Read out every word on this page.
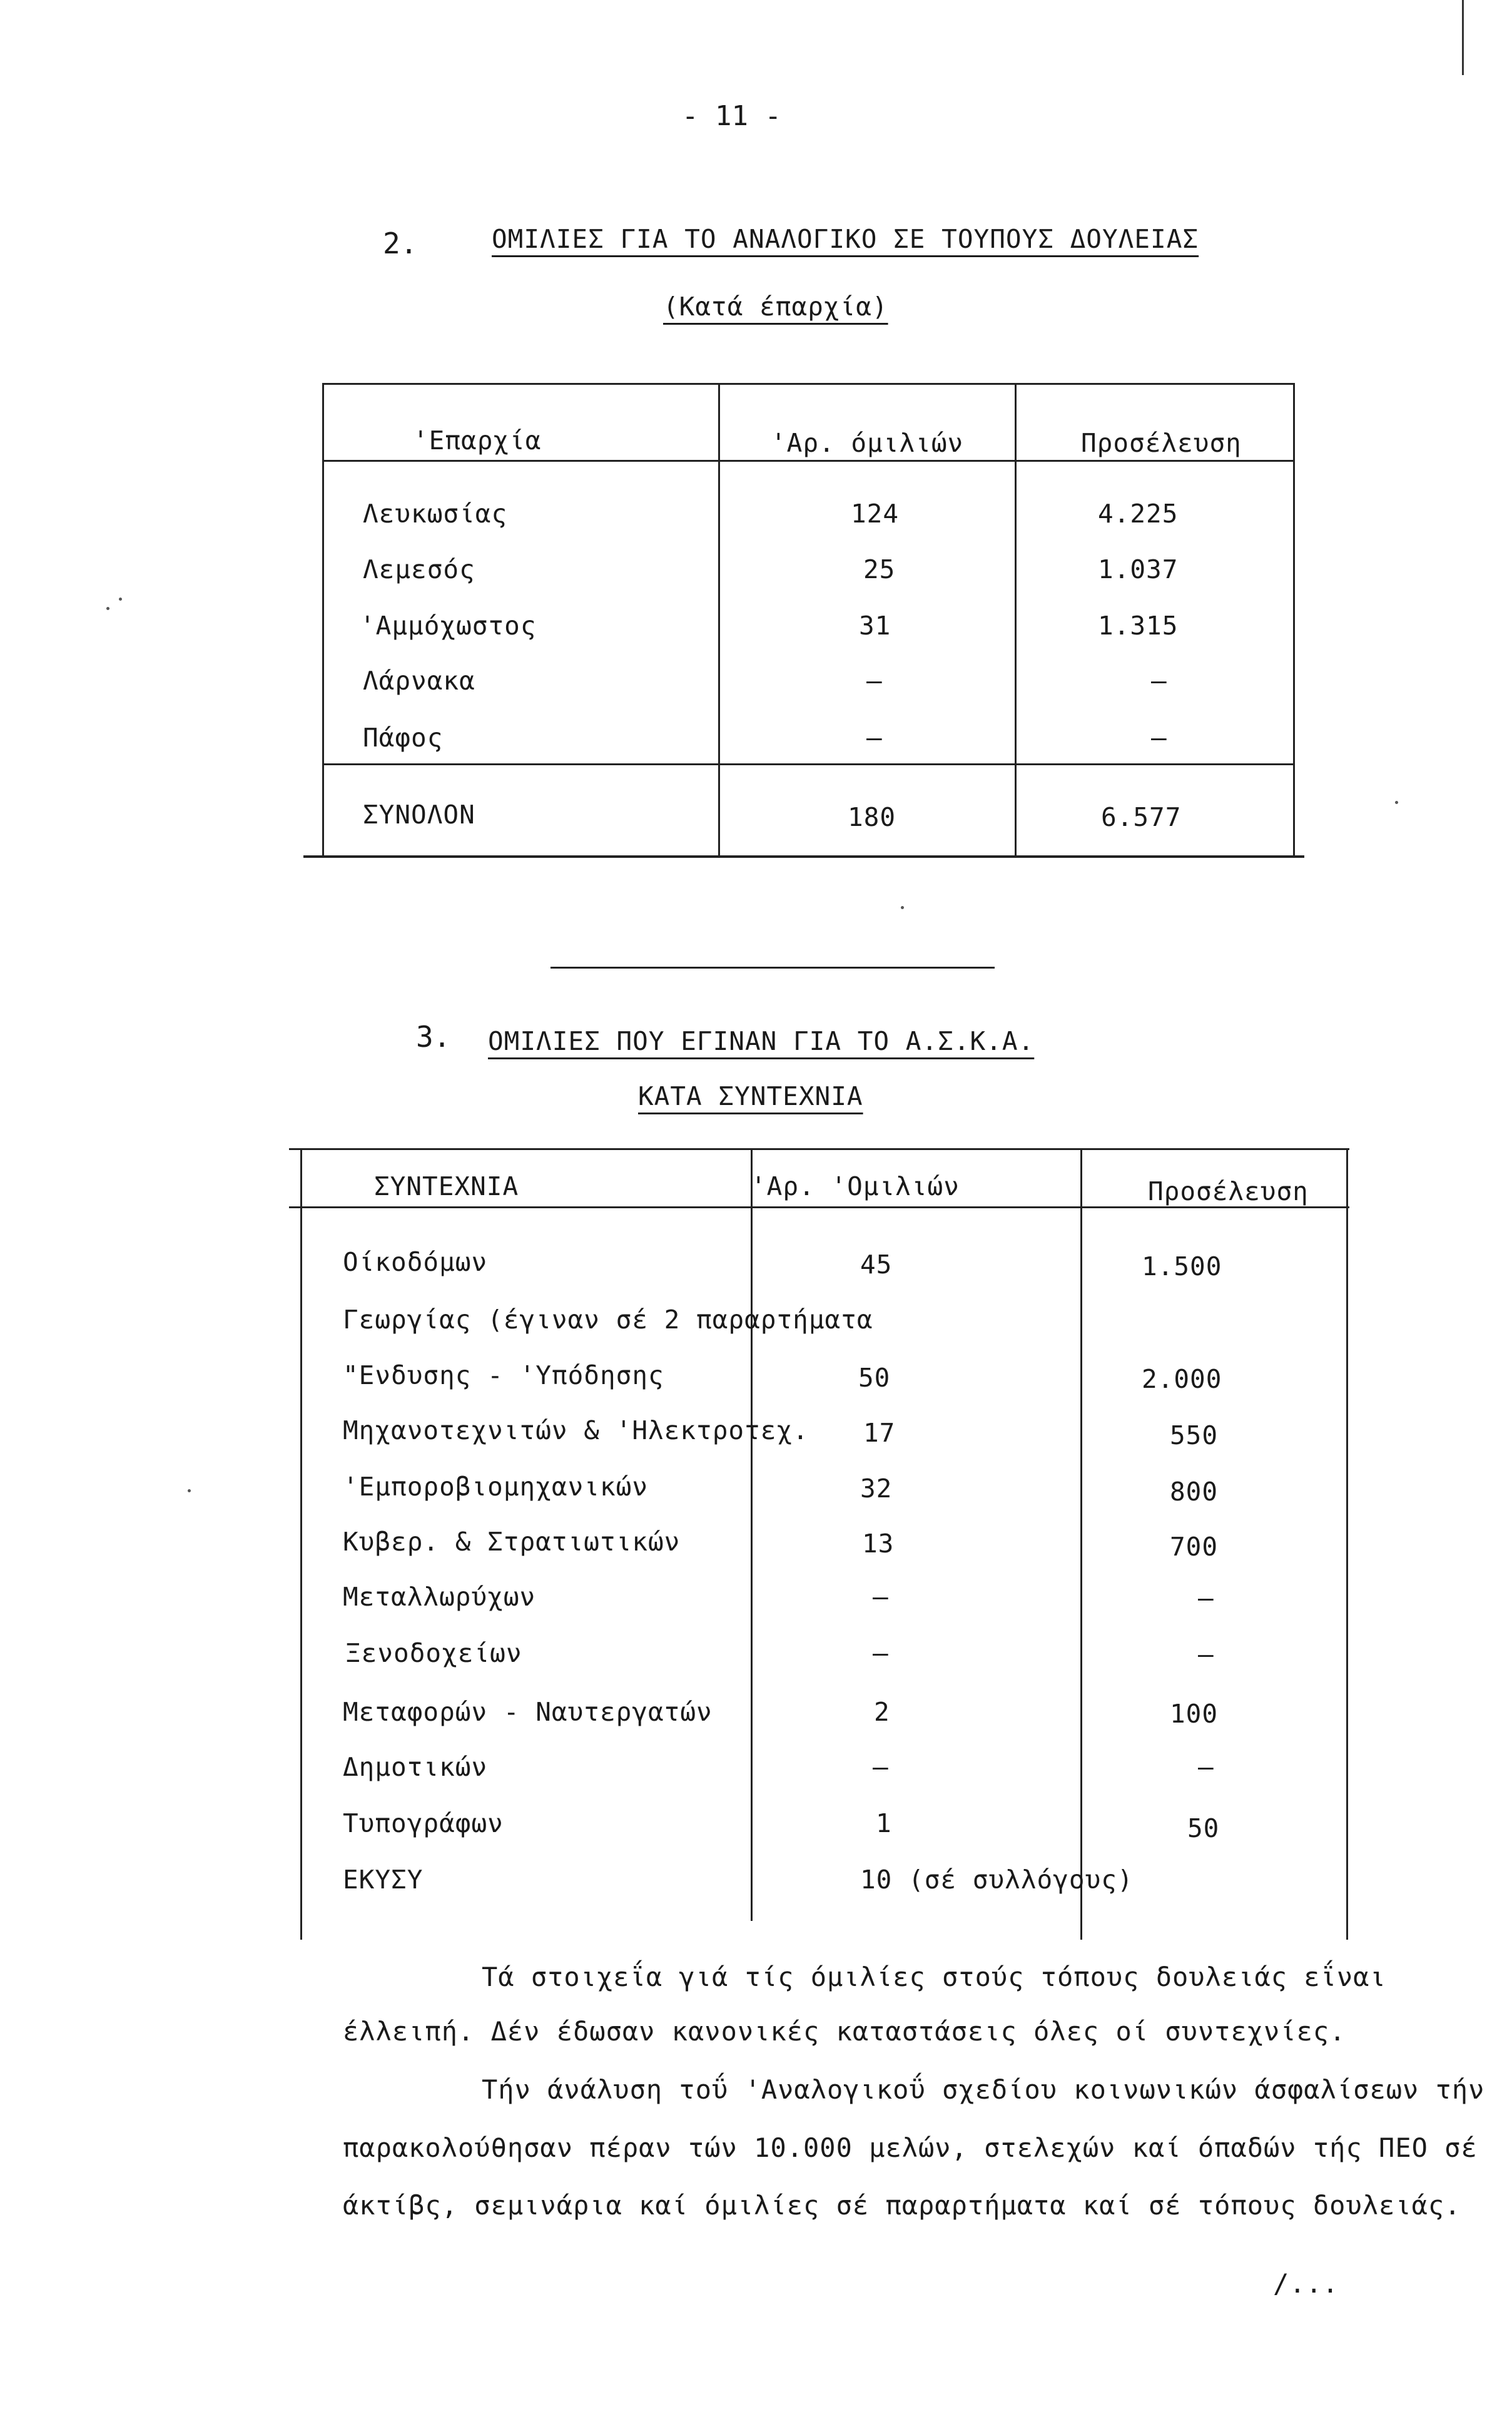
- 11 -
2.	ΟΜΙΛΙΕΣ ΓΙΑ ΤΟ ΑΝΑΛΟΓΙΚΟ ΣΕ ΤΟΥΠΟΥΣ ΔΟΥΛΕΙΑΣ
(Κατά έπαρχία)
'Επαρχία	'Αρ. όμιλιών	Προσέλευση
Λευκωσίας	124	4.225
Λεμεσός	25	1.037
'Αμμόχωστος	31	1.315
Λάρνακα	–	–
Πάφος	–	–
ΣΥΝΟΛΟΝ	180	6.577
3. ΟΜΙΛΙΕΣ ΠΟΥ ΕΓΙΝΑΝ ΓΙΑ ΤΟ Α.Σ.Κ.Α.
ΚΑΤΑ ΣΥΝΤΕΧΝΙΑ
ΣΥΝΤΕΧΝΙΑ	'Αρ. 'Ομιλιών	Προσέλευση
Οίκοδόμων	45	1.500
Γεωργίας (έγιναν σέ 2 παραρτήματα
"Ενδυσης - 'Υπόδησης	50	2.000
Μηχανοτεχνιτών & 'Ηλεκτροτεχ. 17	550
'Εμποροβιομηχανικών	32	800
Κυβερ. & Στρατιωτικών	13	700
Μεταλλωρύχων	–	–
Ξενοδοχείων	–	–
Μεταφορών - Ναυτεργατών	2	100
Δημοτικών	–	–
Τυπογράφων	1	50
ΕΚΥΣΥ	10 (σέ συλλόγους)
Τά στοιχεΐα γιά τίς όμιλίες στούς τόπους δουλειάς εΐναι
έλλειπή. Δέν έδωσαν κανονικές καταστάσεις όλες οί συντεχνίες.
Τήν άνάλυση τοΰ 'Αναλογικοΰ σχεδίου κοινωνικών άσφαλίσεων τήν
παρακολούθησαν πέραν τών 10.000 μελών, στελεχών καί όπαδών τής ΠΕΟ σέ
άκτίβς, σεμινάρια καί όμιλίες σέ παραρτήματα καί σέ τόπους δουλειάς.
/...
